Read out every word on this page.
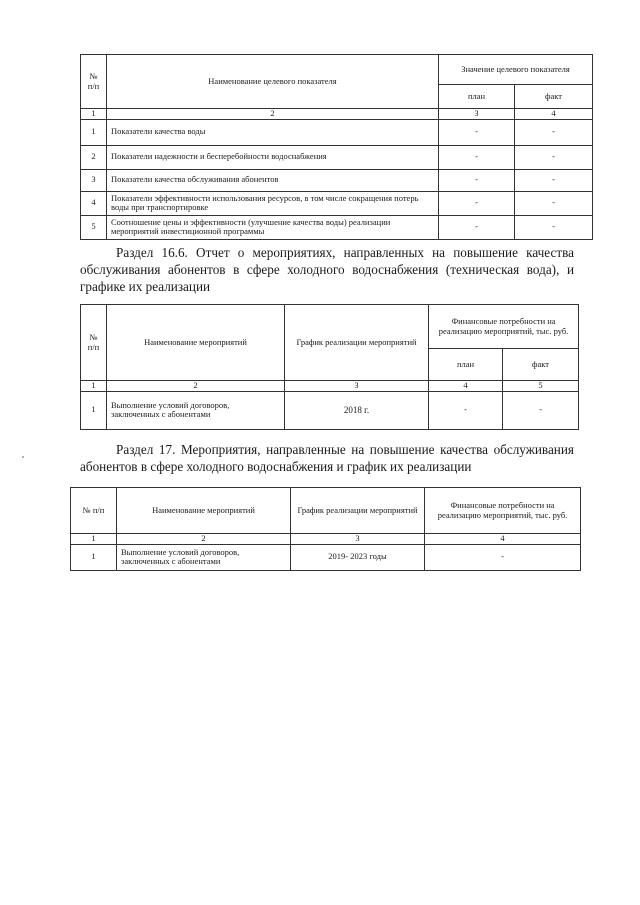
№ п/п	Наименование целевого показателя	Значение целевого показателя	
		план	факт
1	2	3	4
1	Показатели качества воды	-	-
2	Показатели надежности и бесперебойности водоснабжения	-	-
3	Показатели качества обслуживания абонентов	-	-
4	Показатели эффективности использования ресурсов, в том числе сокращения потерь воды при транспортировке	-	-
5	Соотношение цены и эффективности (улучшение качества воды) реализации мероприятий инвестиционной программы	-	-

Раздел 16.6. Отчет о мероприятиях, направленных на повышение качества обслуживания абонентов в сфере холодного водоснабжения (техническая вода), и графике их реализации

№ п/п	Наименование мероприятий	График реализации мероприятий	Финансовые потребности на реализацию мероприятий, тыс. руб.	
			план	факт
1	2	3	4	5
1	Выполнение условий договоров, заключенных с абонентами	2018 г.	-	-

Раздел 17. Мероприятия, направленные на повышение качества обслуживания абонентов в сфере холодного водоснабжения и график их реализации

№ п/п	Наименование мероприятий	График реализации мероприятий	Финансовые потребности на реализацию мероприятий, тыс. руб.
1	2	3	4
1	Выполнение условий договоров, заключенных с абонентами	2019- 2023 годы	-
